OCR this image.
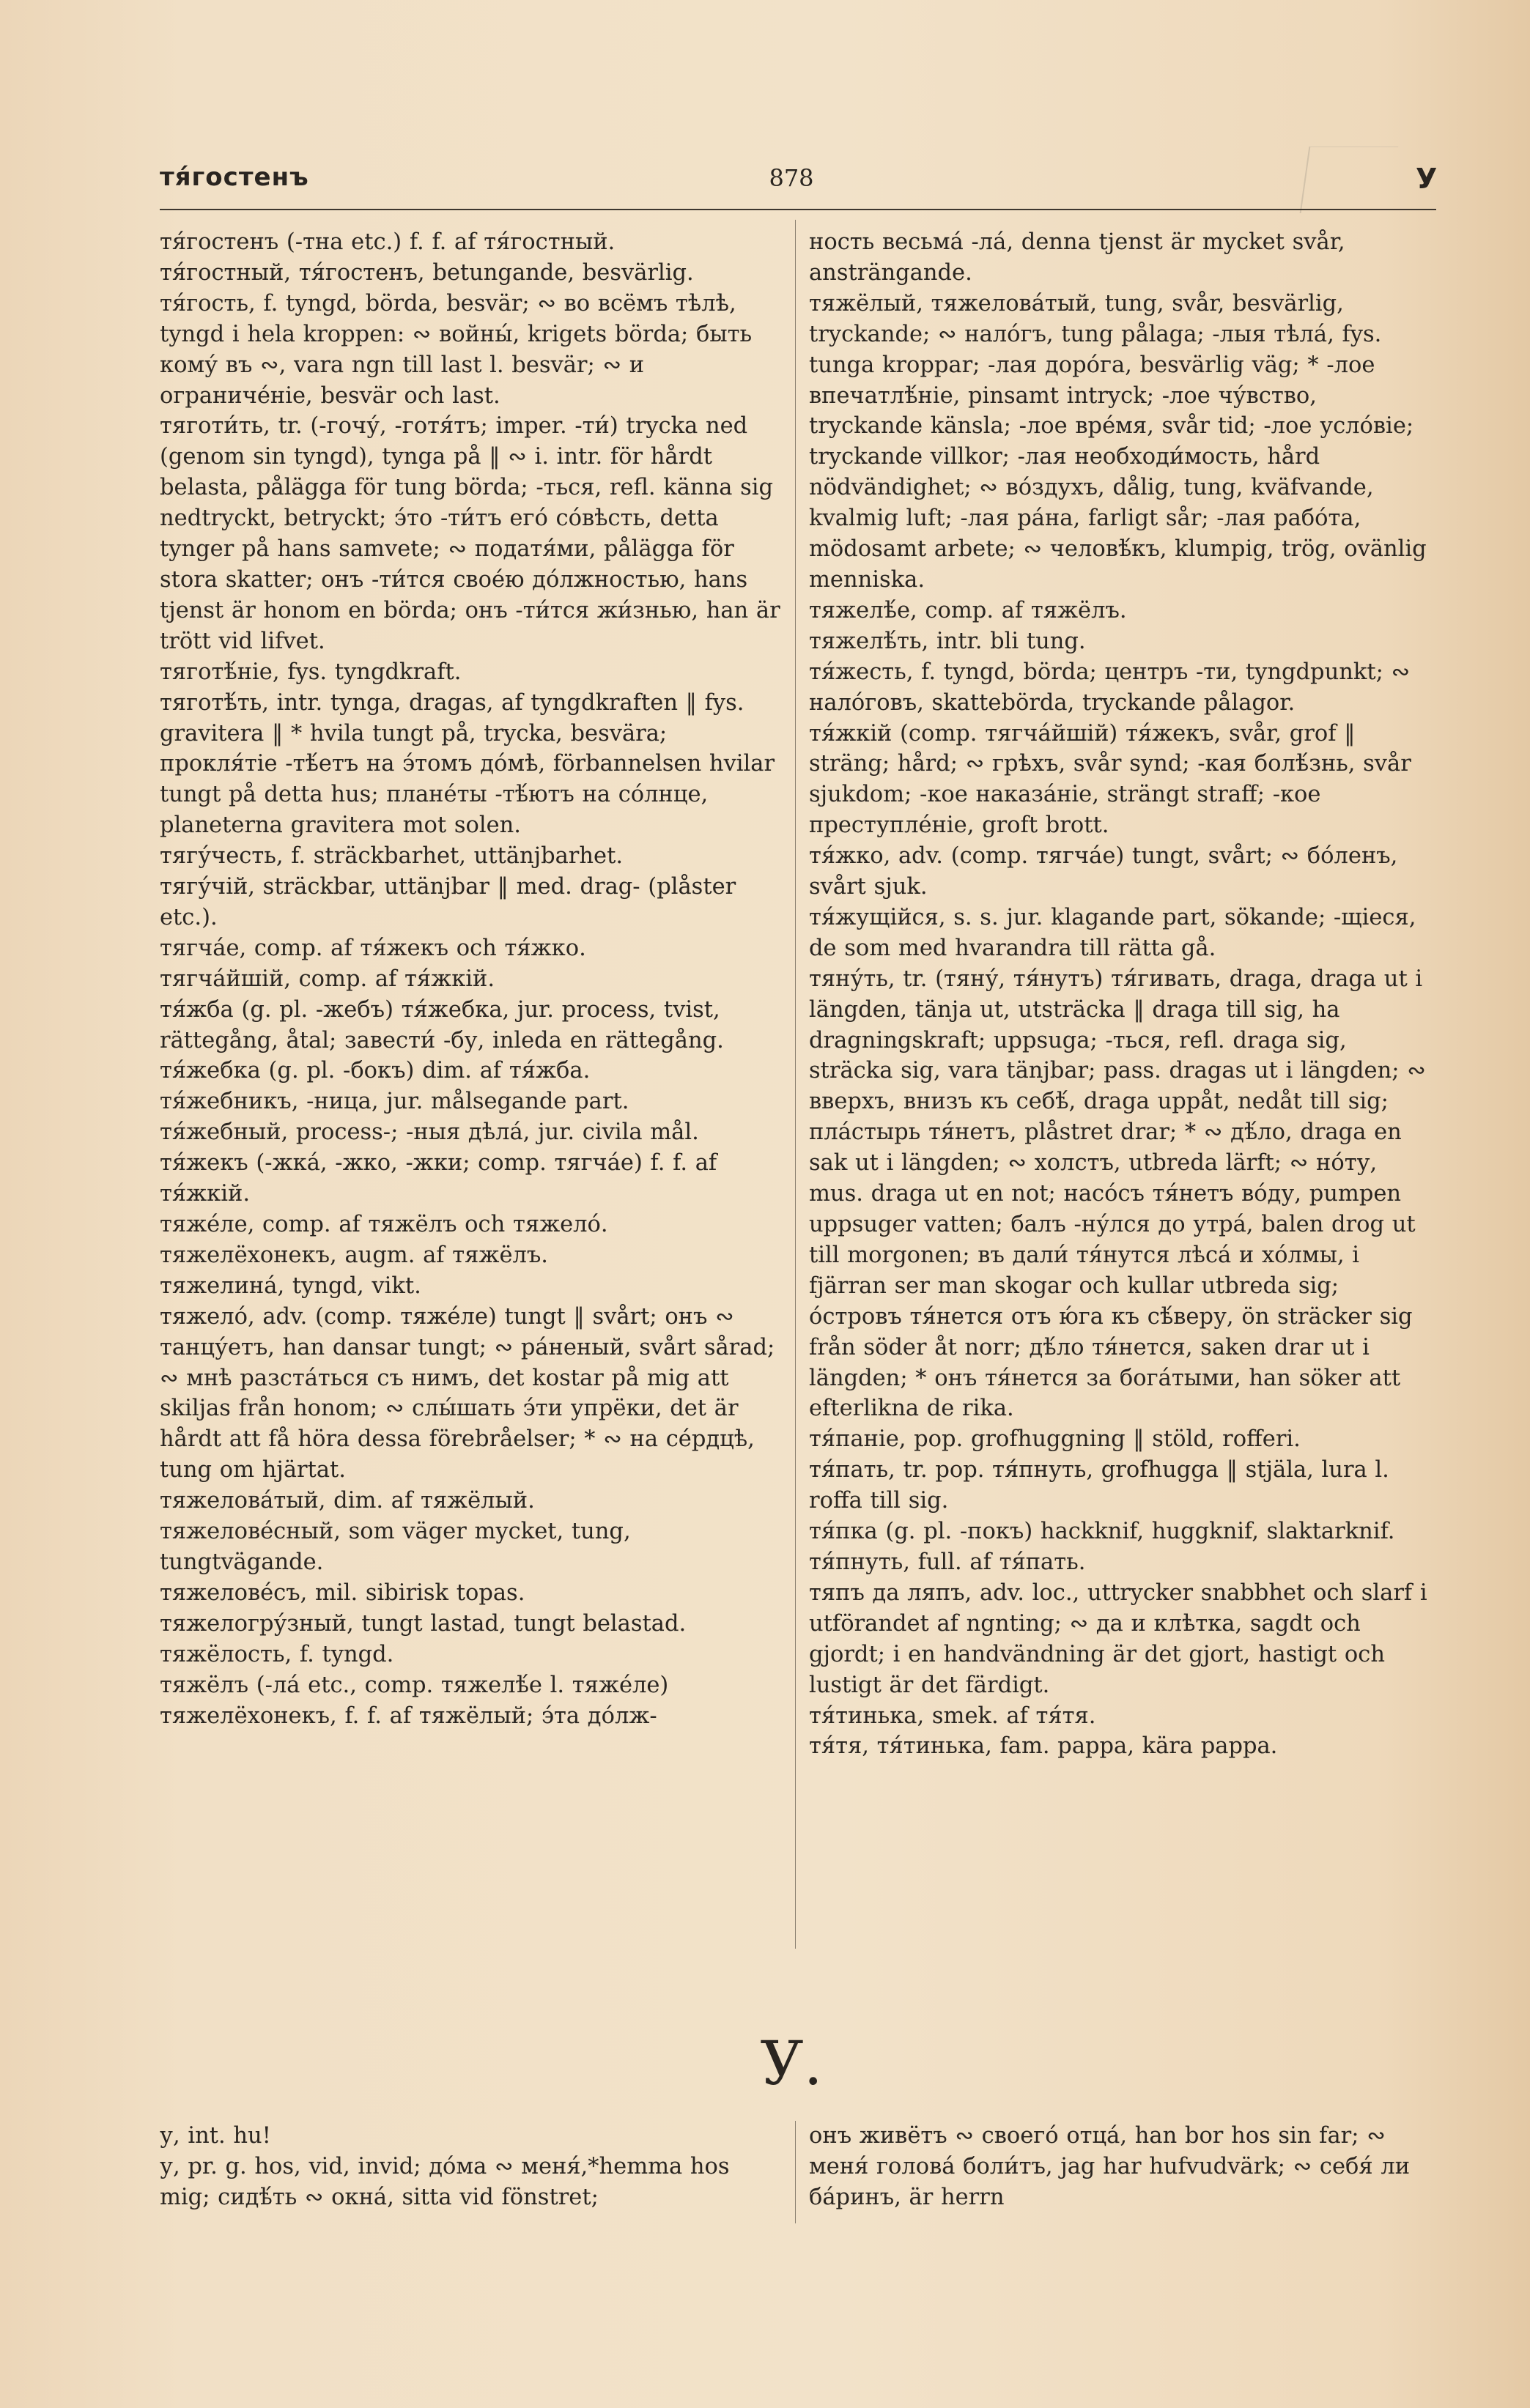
тя́гостенъ	878	У

тя́гостенъ (-тна etc.) f. f. af тя́гостный.

тя́гостный, тя́гостенъ, betungande, besvärlig.

тя́гость, f. tyngd, börda, besvär; ∾ во всёмъ тѣлѣ, tyngd i hela kroppen: ∾ войны́, krigets börda; быть кому́ въ ∾, vara ngn till last l. besvär; ∾ и ограниче́ніе, besvär och last.

тяготи́ть, tr. (-гочу́, -готя́тъ; imper. -ти́) trycka ned (genom sin tyngd), tynga på ‖ ∾ i. intr. för hårdt belasta, pålägga för tung börda; -ться, refl. känna sig nedtryckt, betryckt; э́то -ти́тъ его́ со́вѣсть, detta tynger på hans samvete; ∾ податя́ми, pålägga för stora skatter; онъ -ти́тся свое́ю до́лжностью, hans tjenst är honom en börda; онъ -ти́тся жи́знью, han är trött vid lifvet.

тяготѣ́ніе, fys. tyngdkraft.

тяготѣ́ть, intr. tynga, dragas, af tyngdkraften ‖ fys. gravitera ‖ * hvila tungt på, trycka, besvära; прокля́тіе -тѣ́етъ на э́томъ до́мѣ, förbannelsen hvilar tungt på detta hus; плане́ты -тѣ́ютъ на со́лнце, planeterna gravitera mot solen.

тягу́честь, f. sträckbarhet, uttänjbarhet.

тягу́чій, sträckbar, uttänjbar ‖ med. drag- (plåster etc.).

тягча́е, comp. af тя́жекъ och тя́жко.

тягча́йшій, comp. af тя́жкій.

тя́жба (g. pl. -жебъ) тя́жебка, jur. process, tvist, rättegång, åtal; завести́ -бу, inleda en rättegång.

тя́жебка (g. pl. -бокъ) dim. af тя́жба.

тя́жебникъ, -ница, jur. målsegande part.

тя́жебный, process-; -ныя дѣла́, jur. civila mål.

тя́жекъ (-жка́, -жко, -жки; comp. тягча́е) f. f. af тя́жкій.

тяже́ле, comp. af тяжёлъ och тяжело́.

тяжелёхонекъ, augm. af тяжёлъ.

тяжелина́, tyngd, vikt.

тяжело́, adv. (comp. тяже́ле) tungt ‖ svårt; онъ ∾ танцу́етъ, han dansar tungt; ∾ ра́неный, svårt sårad; ∾ мнѣ разста́ться съ нимъ, det kostar på mig att skiljas från honom; ∾ слы́шать э́ти упрёки, det är hårdt att få höra dessa förebråelser; * ∾ на се́рдцѣ, tung om hjärtat.

тяжелова́тый, dim. af тяжёлый.

тяжелове́сный, som väger mycket, tung, tungtvägande.

тяжелове́съ, mil. sibirisk topas.

тяжелогру́зный, tungt lastad, tungt belastad.

тяжёлость, f. tyngd.

тяжёлъ (-ла́ etc., comp. тяжелѣ́е l. тяже́ле) тяжелёхонекъ, f. f. af тяжёлый; э́та до́лж-

ность весьма́ -ла́, denna tjenst är mycket svår, ansträngande.

тяжёлый, тяжелова́тый, tung, svår, besvärlig, tryckande; ∾ нало́гъ, tung pålaga; -лыя тѣла́, fys. tunga kroppar; -лая доро́га, besvärlig väg; * -лое впечатлѣ́ніе, pinsamt intryck; -лое чу́вство, tryckande känsla; -лое вре́мя, svår tid; -лое усло́віе; tryckande villkor; -лая необходи́мость, hård nödvändighet; ∾ во́здухъ, dålig, tung, kväfvande, kvalmig luft; -лая ра́на, farligt sår; -лая рабо́та, mödosamt arbete; ∾ человѣ́къ, klumpig, trög, ovänlig menniska.

тяжелѣ́е, comp. af тяжёлъ.

тяжелѣ́ть, intr. bli tung.

тя́жесть, f. tyngd, börda; центръ -ти, tyngdpunkt; ∾ нало́говъ, skattebörda, tryckande pålagor.

тя́жкій (comp. тягча́йшій) тя́жекъ, svår, grof ‖ sträng; hård; ∾ грѣхъ, svår synd; -кая болѣ́знь, svår sjukdom; -кое наказа́ніе, strängt straff; -кое преступле́ніе, groft brott.

тя́жко, adv. (comp. тягча́е) tungt, svårt; ∾ бо́ленъ, svårt sjuk.

тя́жущійся, s. s. jur. klagande part, sökande; -щіеся, de som med hvarandra till rätta gå.

тяну́ть, tr. (тяну́, тя́нутъ) тя́гивать, draga, draga ut i längden, tänja ut, utsträcka ‖ draga till sig, ha dragningskraft; uppsuga; -ться, refl. draga sig, sträcka sig, vara tänjbar; pass. dragas ut i längden; ∾ вверхъ, внизъ къ себѣ́, draga uppåt, nedåt till sig; пла́стырь тя́нетъ, plåstret drar; * ∾ дѣ́ло, draga en sak ut i längden; ∾ холстъ, utbreda lärft; ∾ но́ту, mus. draga ut en not; насо́съ тя́нетъ во́ду, pumpen uppsuger vatten; балъ -ну́лся до утра́, balen drog ut till morgonen; въ дали́ тя́нутся лѣса́ и хо́лмы, i fjärran ser man skogar och kullar utbreda sig; о́стровъ тя́нется отъ ю́га къ сѣ́веру, ön sträcker sig från söder åt norr; дѣ́ло тя́нется, saken drar ut i längden; * онъ тя́нется за бога́тыми, han söker att efterlikna de rika.

тя́паніе, pop. grofhuggning ‖ stöld, rofferi.

тя́пать, tr. pop. тя́пнуть, grofhugga ‖ stjäla, lura l. roffa till sig.

тя́пка (g. pl. -покъ) hackknif, huggknif, slaktarknif.

тя́пнуть, full. af тя́пать.

тяпъ да ляпъ, adv. loc., uttrycker snabbhet och slarf i utförandet af ngnting; ∾ да и клѣтка, sagdt och gjordt; i en handvändning är det gjort, hastigt och lustigt är det färdigt.

тя́тинька, smek. af тя́тя.

тя́тя, тя́тинька, fam. pappa, kära pappa.

У.

у, int. hu!

у, pr. g. hos, vid, invid; до́ма ∾ меня́,*hemma hos mig; сидѣ́ть ∾ окна́, sitta vid fönstret;

онъ живётъ ∾ своего́ отца́, han bor hos sin far; ∾ меня́ голова́ боли́тъ, jag har hufvudvärk; ∾ себя́ ли ба́ринъ, är herrn
